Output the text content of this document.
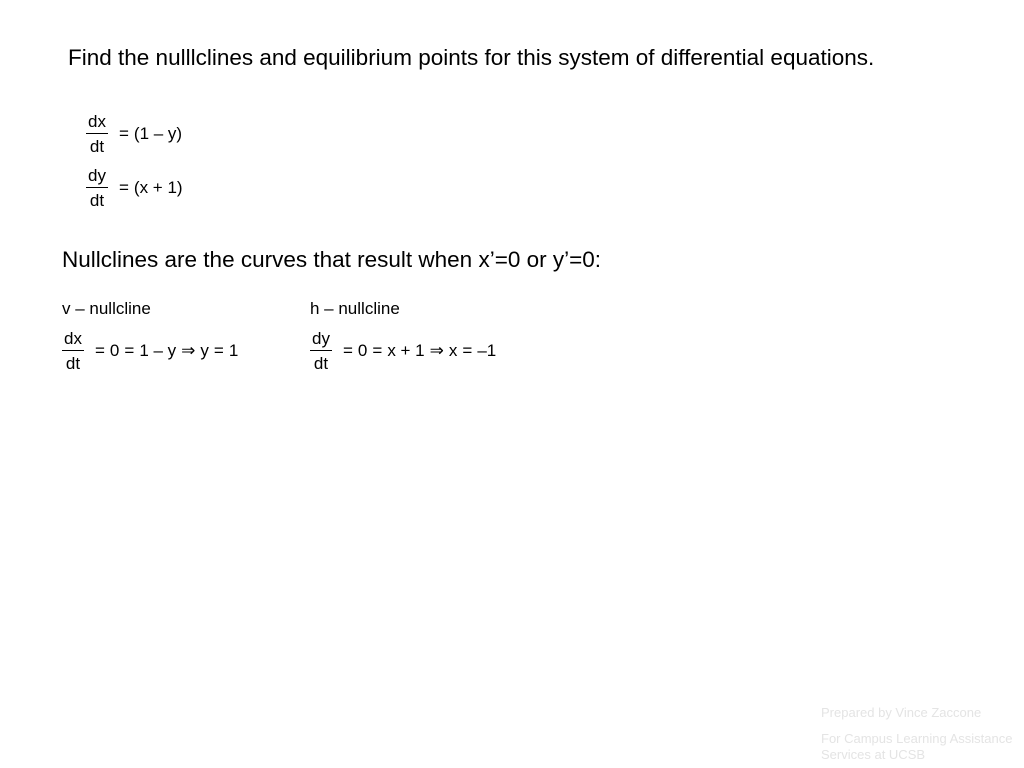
Find the nulllclines and equilibrium points for this system of differential equations.
$\frac{dx}{dt} = (1 - y)$
$\frac{dy}{dt} = (x + 1)$
Nullclines are the curves that result when x’=0 or y’=0:
v – nullcline
$\frac{dx}{dt} = 0 = 1 - y$ ⇒ y = 1
h – nullcline
$\frac{dy}{dt} = 0 = x + 1$ ⇒ x = –1
Prepared by Vince Zaccone
For Campus Learning Assistance Services at UCSB
